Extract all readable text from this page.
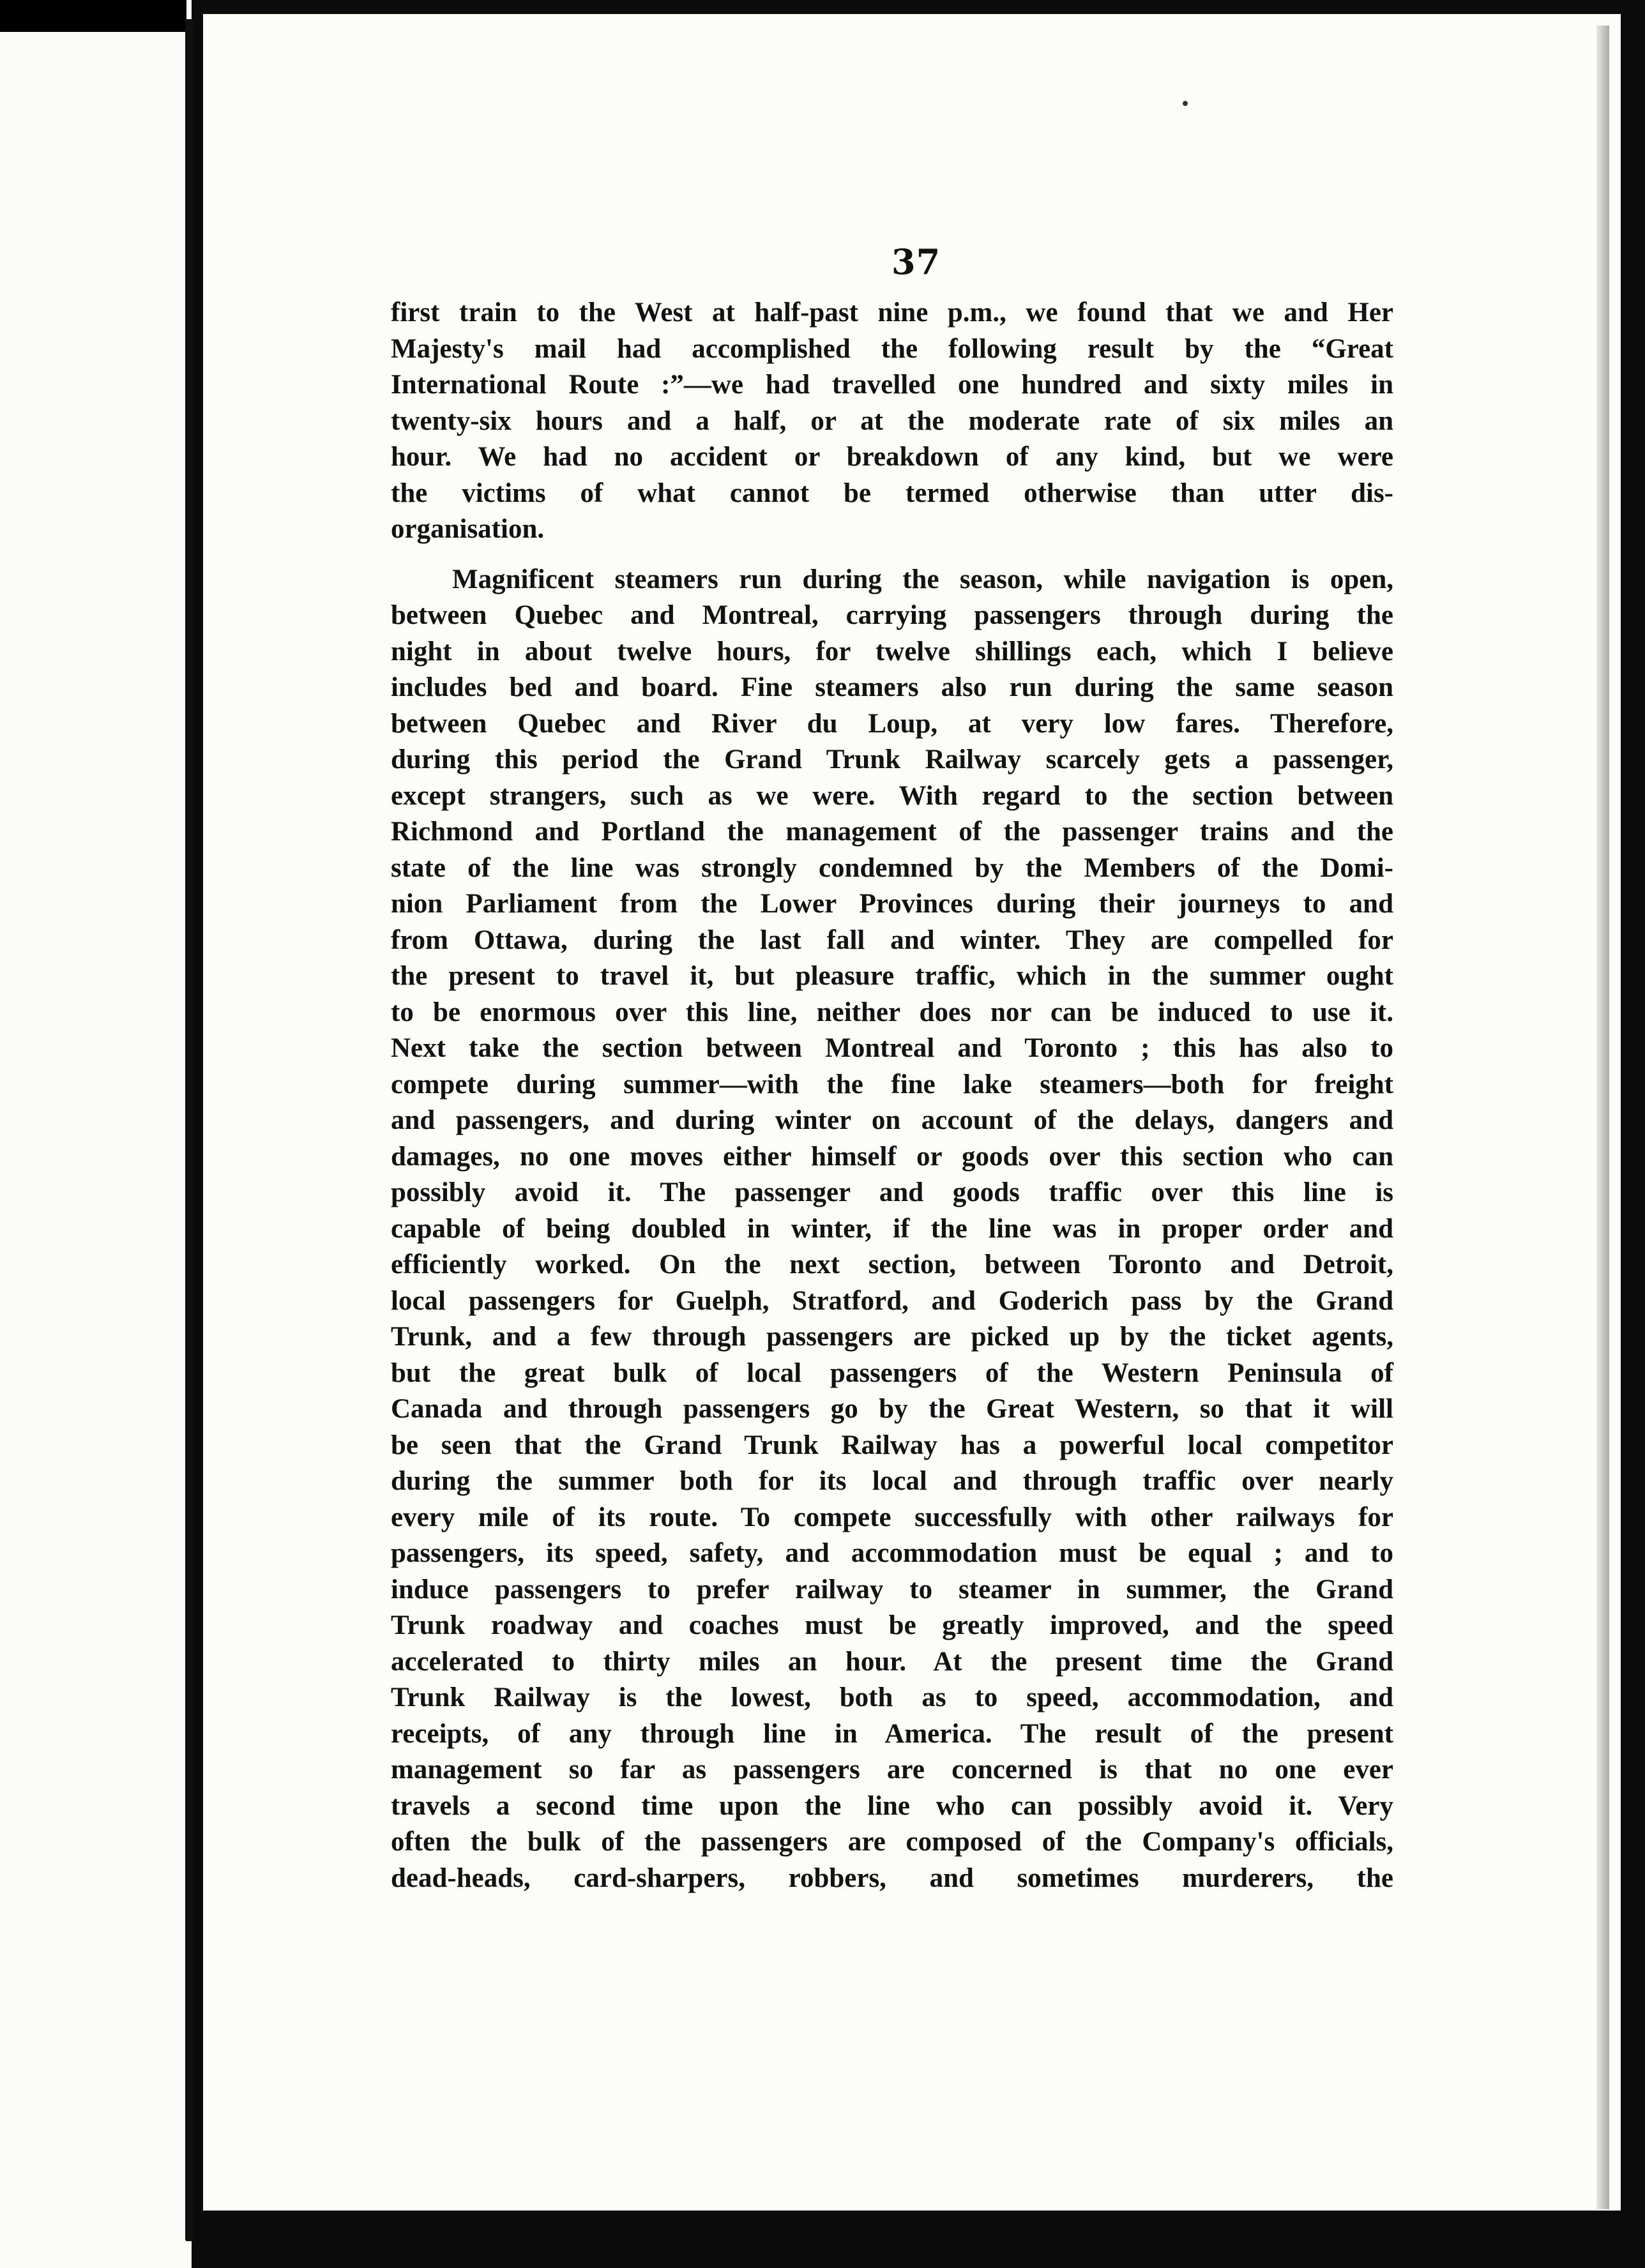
37
first train to the West at half-past nine p.m., we found that we and Her
Majesty's mail had accomplished the following result by the “Great
International Route :”—we had travelled one hundred and sixty miles in
twenty-six hours and a half, or at the moderate rate of six miles an
hour. We had no accident or breakdown of any kind, but we were
the victims of what cannot be termed otherwise than utter dis-
organisation.
Magnificent steamers run during the season, while navigation is open,
between Quebec and Montreal, carrying passengers through during the
night in about twelve hours, for twelve shillings each, which I believe
includes bed and board. Fine steamers also run during the same season
between Quebec and River du Loup, at very low fares. Therefore,
during this period the Grand Trunk Railway scarcely gets a passenger,
except strangers, such as we were. With regard to the section between
Richmond and Portland the management of the passenger trains and the
state of the line was strongly condemned by the Members of the Domi-
nion Parliament from the Lower Provinces during their journeys to and
from Ottawa, during the last fall and winter. They are compelled for
the present to travel it, but pleasure traffic, which in the summer ought
to be enormous over this line, neither does nor can be induced to use it.
Next take the section between Montreal and Toronto ; this has also to
compete during summer—with the fine lake steamers—both for freight
and passengers, and during winter on account of the delays, dangers and
damages, no one moves either himself or goods over this section who can
possibly avoid it. The passenger and goods traffic over this line is
capable of being doubled in winter, if the line was in proper order and
efficiently worked. On the next section, between Toronto and Detroit,
local passengers for Guelph, Stratford, and Goderich pass by the Grand
Trunk, and a few through passengers are picked up by the ticket agents,
but the great bulk of local passengers of the Western Peninsula of
Canada and through passengers go by the Great Western, so that it will
be seen that the Grand Trunk Railway has a powerful local competitor
during the summer both for its local and through traffic over nearly
every mile of its route. To compete successfully with other railways for
passengers, its speed, safety, and accommodation must be equal ; and to
induce passengers to prefer railway to steamer in summer, the Grand
Trunk roadway and coaches must be greatly improved, and the speed
accelerated to thirty miles an hour. At the present time the Grand
Trunk Railway is the lowest, both as to speed, accommodation, and
receipts, of any through line in America. The result of the present
management so far as passengers are concerned is that no one ever
travels a second time upon the line who can possibly avoid it. Very
often the bulk of the passengers are composed of the Company's officials,
dead-heads, card-sharpers, robbers, and sometimes murderers, the
